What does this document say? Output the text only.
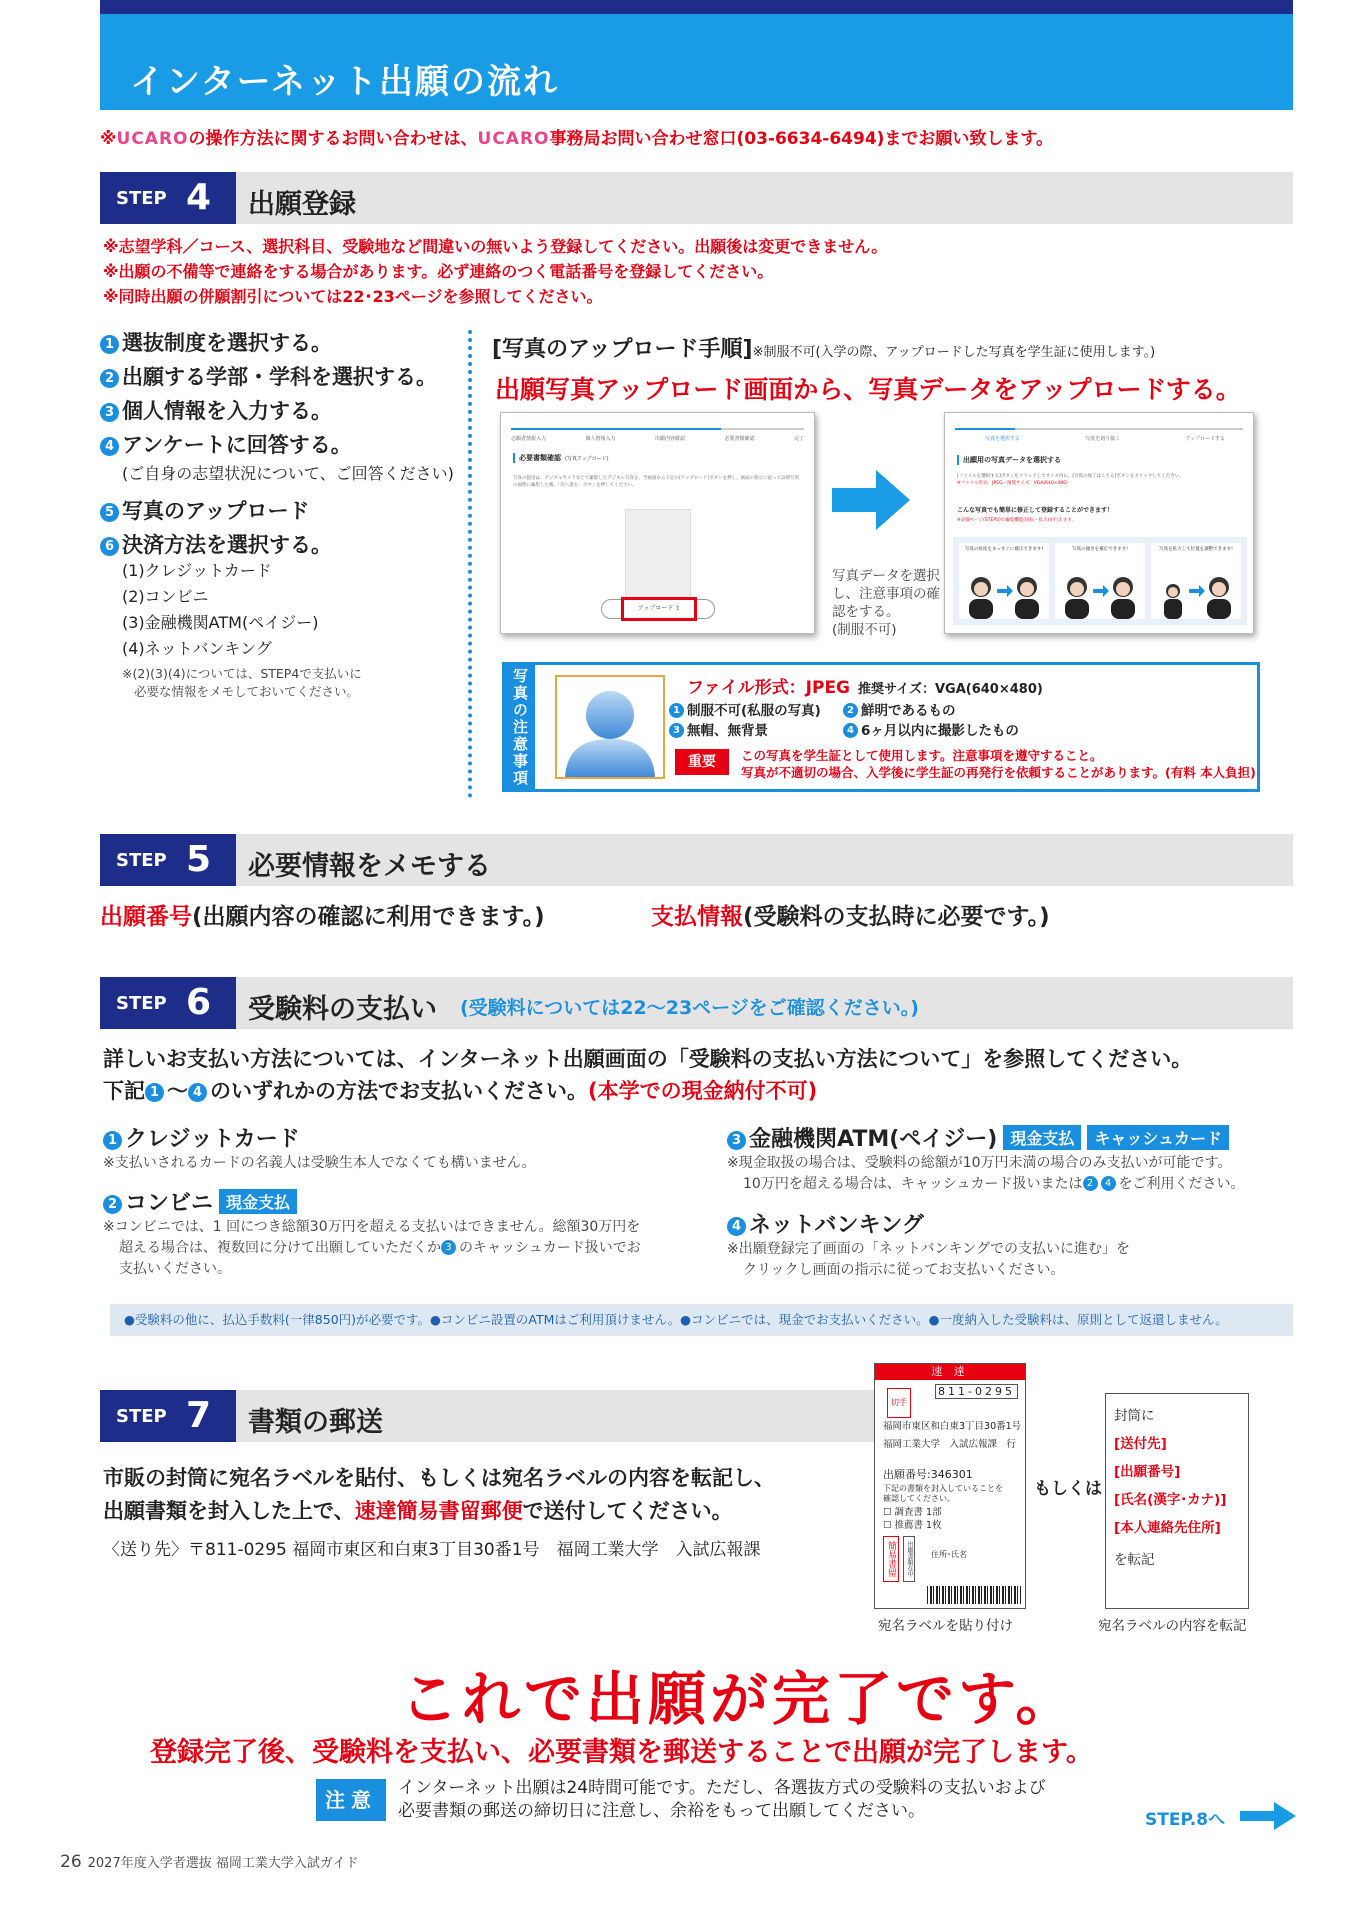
インターネット出願の流れ
※UCAROの操作方法に関するお問い合わせは、UCARO事務局お問い合わせ窓口(03-6634-6494)までお願い致します。
STEP 4 出願登録
※志望学科／コース、選択科目、受験地など間違いの無いよう登録してください。出願後は変更できません。
※出願の不備等で連絡をする場合があります。必ず連絡のつく電話番号を登録してください。
※同時出願の併願割引については22･23ページを参照してください。
1 選抜制度を選択する。
2 出願する学部・学科を選択する。
3 個人情報を入力する。
4 アンケートに回答する。
(ご自身の志望状況について、ご回答ください)
5 写真のアップロード
6 決済方法を選択する。
(1)クレジットカード
(2)コンビニ
(3)金融機関ATM(ペイジー)
(4)ネットバンキング
※(2)(3)(4)については、STEP4で支払いに
必要な情報をメモしておいてください。
[写真のアップロード手順]※制服不可(入学の際、アップロードした写真を学生証に使用します。)
出願写真アップロード画面から、写真データをアップロードする。
志願者情報入力	個人情報入力	出願内容確認	必要書類確認	完了
必要書類確認 (写真アップロード)
写真の提出は、デジタルカメラなどで撮影したデジタル写真を、当画面から下記の[アップロード]ボタンを押し、画面の指示に従って証明写真の画像に編集した後、「次へ進む」ボタンを押してください。
アップロード ⇪
写真データを選択
し、注意事項の確
認をする。
(制服不可)
写真を選択する	写真を切り抜く	アップロードする
出願用の写真データを選択する
[ファイルを選択する]ボタンをクリックしてサイズ内に、[写真の加工はこちら]ボタンをクリックしてください。
※ファイル形式：JPEG／推奨サイズ：VGA(640×480)
こんな写真でも簡単に修正して登録することができます！
※詳細ページ(STEP5)で編集機能(回転・拡大)が行えます。
写真の角度をまっすぐに補正できます!	写真の傾きを補正できます!	写真を拡大して位置を調整できます!
写真の注意事項	ファイル形式：JPEG 推奨サイズ：VGA(640×480)
1 制服不可(私服の写真)	2 鮮明であるもの
3 無帽、無背景	4 6ヶ月以内に撮影したもの
重要	この写真を学生証として使用します。注意事項を遵守すること。
写真が不適切の場合、入学後に学生証の再発行を依頼することがあります。(有料 本人負担)
STEP 5 必要情報をメモする
出願番号(出願内容の確認に利用できます。)	支払情報(受験料の支払時に必要です。)
STEP 6 受験料の支払い (受験料については22〜23ページをご確認ください。)
詳しいお支払い方法については、インターネット出願画面の「受験料の支払い方法について」を参照してください。
下記 1 〜 4 のいずれかの方法でお支払いください。(本学での現金納付不可)
1 クレジットカード
※支払いされるカードの名義人は受験生本人でなくても構いません。
2 コンビニ 現金支払
※コンビニでは、1 回につき総額30万円を超える支払いはできません。総額30万円を
超える場合は、複数回に分けて出願していただくか 3 のキャッシュカード扱いでお
支払いください。
3 金融機関ATM(ペイジー) 現金支払 キャッシュカード
※現金取扱の場合は、受験料の総額が10万円未満の場合のみ支払いが可能です。
10万円を超える場合は、キャッシュカード扱いまたは 2 4 をご利用ください。
4 ネットバンキング
※出願登録完了画面の「ネットバンキングでの支払いに進む」を
クリックし画面の指示に従ってお支払いください。
●受験料の他に、払込手数料(一律850円)が必要です。●コンビニ設置のATMはご利用頂けません。●コンビニでは、現金でお支払いください。●一度納入した受験料は、原則として返還しません。
STEP 7 書類の郵送
市販の封筒に宛名ラベルを貼付、もしくは宛名ラベルの内容を転記し、
出願書類を封入した上で、速達簡易書留郵便で送付してください。
〈送り先〉〒811-0295 福岡市東区和白東3丁目30番1号　福岡工業大学　入試広報課
速 達
切手
811-0295
福岡市東区和白東3丁目30番1号
福岡工業大学　入試広報課　行
出願番号:346301
下記の書類を封入していることを
確認してください。
☐ 調査書 1部
☐ 推薦書 1枚
簡易書留	出願書類在中 住所･氏名
もしくは
封筒に
[送付先]
[出願番号]
[氏名(漢字･カナ)]
[本人連絡先住所]
を転記
宛名ラベルを貼り付け	宛名ラベルの内容を転記
これで出願が完了です。
登録完了後、受験料を支払い、必要書類を郵送することで出願が完了します。
注意	インターネット出願は24時間可能です。ただし、各選抜方式の受験料の支払いおよび
必要書類の郵送の締切日に注意し、余裕をもって出願してください。	STEP.8へ
26 2027年度入学者選抜 福岡工業大学入試ガイド
